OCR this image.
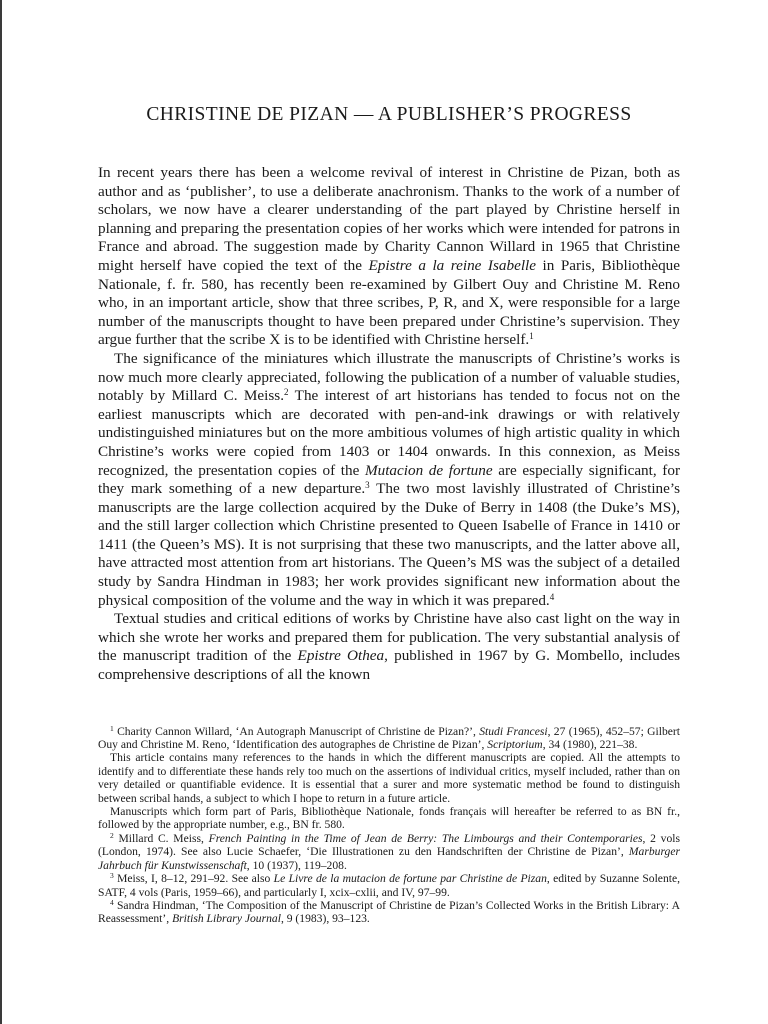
CHRISTINE DE PIZAN — A PUBLISHER’S PROGRESS

In recent years there has been a welcome revival of interest in Christine de Pizan, both as author and as ‘publisher’, to use a deliberate anachronism. Thanks to the work of a number of scholars, we now have a clearer understanding of the part played by Christine herself in planning and preparing the presentation copies of her works which were intended for patrons in France and abroad. The suggestion made by Charity Cannon Willard in 1965 that Christine might herself have copied the text of the Epistre a la reine Isabelle in Paris, Bibliothèque Nationale, f. fr. 580, has recently been re-examined by Gilbert Ouy and Christine M. Reno who, in an important article, show that three scribes, P, R, and X, were responsible for a large number of the manuscripts thought to have been prepared under Christine’s supervision. They argue further that the scribe X is to be identified with Christine herself.$^1$

The significance of the miniatures which illustrate the manuscripts of Christine’s works is now much more clearly appreciated, following the publication of a number of valuable studies, notably by Millard C. Meiss.$^2$ The interest of art historians has tended to focus not on the earliest manuscripts which are decorated with pen-and-ink drawings or with relatively undistinguished miniatures but on the more ambitious volumes of high artistic quality in which Christine’s works were copied from 1403 or 1404 onwards. In this connexion, as Meiss recognized, the presentation copies of the Mutacion de fortune are especially significant, for they mark something of a new departure.$^3$ The two most lavishly illustrated of Christine’s manuscripts are the large collection acquired by the Duke of Berry in 1408 (the Duke’s MS), and the still larger collection which Christine presented to Queen Isabelle of France in 1410 or 1411 (the Queen’s MS). It is not surprising that these two manuscripts, and the latter above all, have attracted most attention from art historians. The Queen’s MS was the subject of a detailed study by Sandra Hindman in 1983; her work provides significant new information about the physical composition of the volume and the way in which it was prepared.$^4$

Textual studies and critical editions of works by Christine have also cast light on the way in which she wrote her works and prepared them for publication. The very substantial analysis of the manuscript tradition of the Epistre Othea, published in 1967 by G. Mombello, includes comprehensive descriptions of all the known

$^1$ Charity Cannon Willard, ‘An Autograph Manuscript of Christine de Pizan?’, Studi Francesi, 27 (1965), 452–57; Gilbert Ouy and Christine M. Reno, ‘Identification des autographes de Christine de Pizan’, Scriptorium, 34 (1980), 221–38.

This article contains many references to the hands in which the different manuscripts are copied. All the attempts to identify and to differentiate these hands rely too much on the assertions of individual critics, myself included, rather than on very detailed or quantifiable evidence. It is essential that a surer and more systematic method be found to distinguish between scribal hands, a subject to which I hope to return in a future article.

Manuscripts which form part of Paris, Bibliothèque Nationale, fonds français will hereafter be referred to as BN fr., followed by the appropriate number, e.g., BN fr. 580.

$^2$ Millard C. Meiss, French Painting in the Time of Jean de Berry: The Limbourgs and their Contemporaries, 2 vols (London, 1974). See also Lucie Schaefer, ‘Die Illustrationen zu den Handschriften der Christine de Pizan’, Marburger Jahrbuch für Kunstwissenschaft, 10 (1937), 119–208.

$^3$ Meiss, I, 8–12, 291–92. See also Le Livre de la mutacion de fortune par Christine de Pizan, edited by Suzanne Solente, SATF, 4 vols (Paris, 1959–66), and particularly I, xcix–cxlii, and IV, 97–99.

$^4$ Sandra Hindman, ‘The Composition of the Manuscript of Christine de Pizan’s Collected Works in the British Library: A Reassessment’, British Library Journal, 9 (1983), 93–123.
